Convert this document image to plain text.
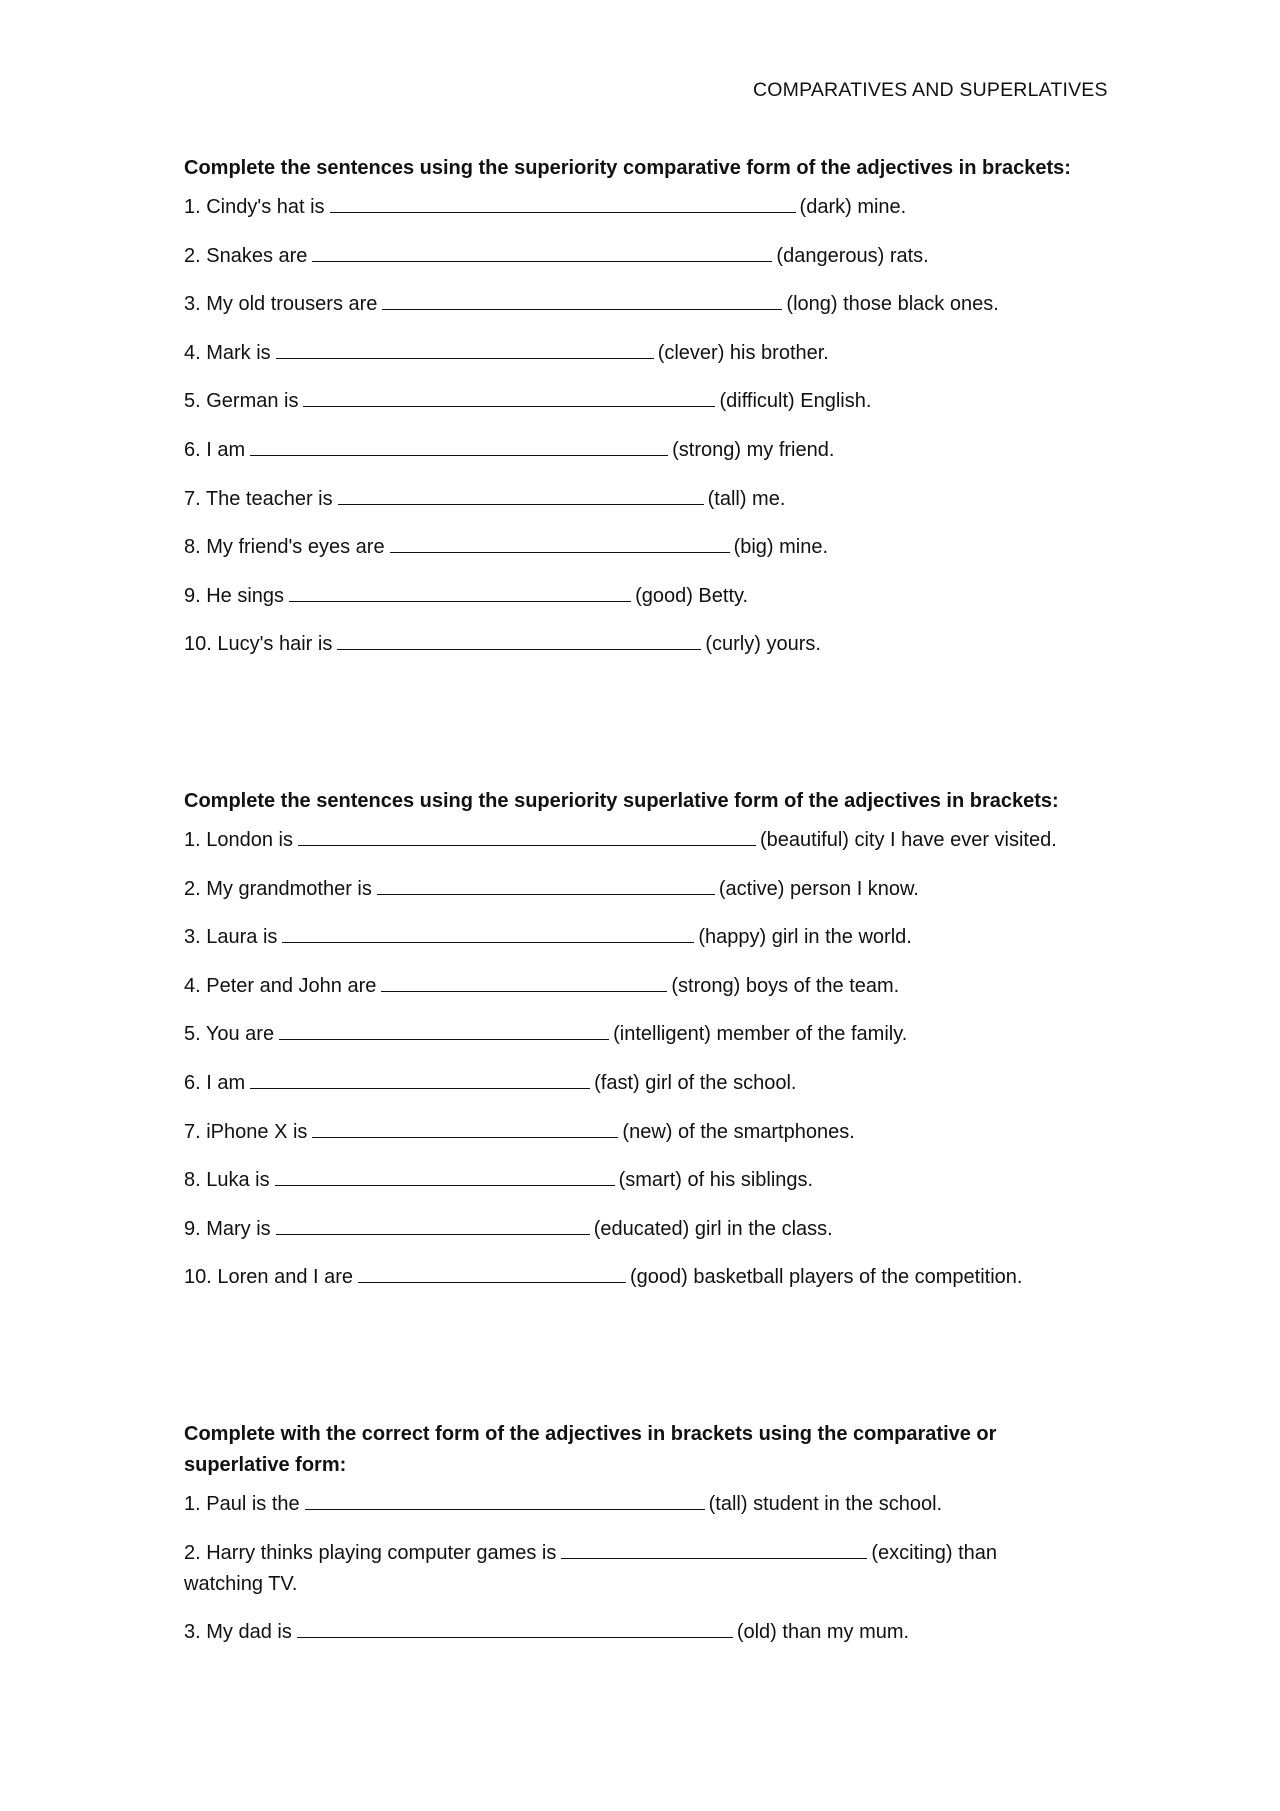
COMPARATIVES AND SUPERLATIVES

Complete the sentences using the superiority comparative form of the adjectives in brackets:

1. Cindy's hat is	(dark) mine.

2. Snakes are	(dangerous) rats.

3. My old trousers are	(long) those black ones.

4. Mark is	(clever) his brother.

5. German is	(difficult) English.

6. I am	(strong) my friend.

7. The teacher is	(tall) me.

8. My friend's eyes are	(big) mine.

9. He sings	(good) Betty.

10. Lucy's hair is	(curly) yours.

Complete the sentences using the superiority superlative form of the adjectives in brackets:

1. London is	(beautiful) city I have ever visited.

2. My grandmother is	(active) person I know.

3. Laura is	(happy) girl in the world.

4. Peter and John are	(strong) boys of the team.

5. You are	(intelligent) member of the family.

6. I am	(fast) girl of the school.

7. iPhone X is	(new) of the smartphones.

8. Luka is	(smart) of his siblings.

9. Mary is	(educated) girl in the class.

10. Loren and I are	(good) basketball players of the competition.

Complete with the correct form of the adjectives in brackets using the comparative or superlative form:

1. Paul is the	(tall) student in the school.

2. Harry thinks playing computer games is	(exciting) than watching TV.

3. My dad is	(old) than my mum.
